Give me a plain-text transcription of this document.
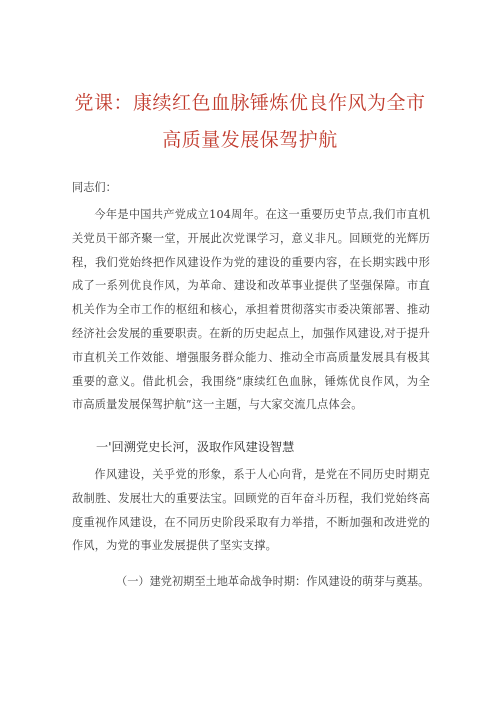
党课：康续红色血脉锤炼优良作风为全市
高质量发展保驾护航
同志们：

今年是中国共产党成立104周年。在这一重要历史节点,我们市直机关党员干部齐聚一堂，开展此次党课学习，意义非凡。回顾党的光辉历程，我们党始终把作风建设作为党的建设的重要内容，在长期实践中形成了一系列优良作风，为革命、建设和改革事业提供了坚强保障。市直机关作为全市工作的枢纽和核心，承担着贯彻落实市委决策部署、推动经济社会发展的重要职责。在新的历史起点上，加强作风建设,对于提升市直机关工作效能、增强服务群众能力、推动全市高质量发展具有极其重要的意义。借此机会，我围绕“康续红色血脉，锤炼优良作风，为全市高质量发展保驾护航”这一主题，与大家交流几点体会。

一'回溯党史长河，汲取作风建设智慧

作风建设，关乎党的形象，系于人心向背，是党在不同历史时期克敌制胜、发展壮大的重要法宝。回顾党的百年奋斗历程，我们党始终高度重视作风建设，在不同历史阶段采取有力举措，不断加强和改进党的作风，为党的事业发展提供了坚实支撑。

（一）建党初期至土地革命战争时期：作风建设的萌芽与奠基。
